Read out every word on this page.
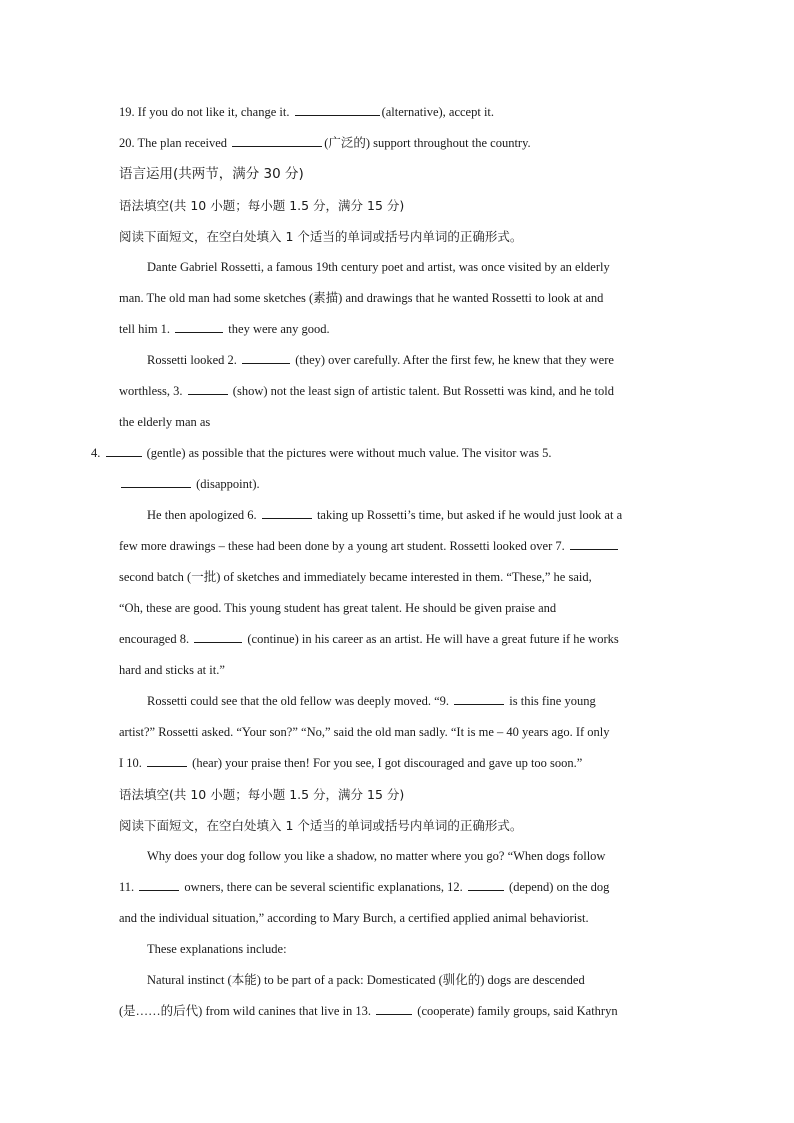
19. If you do not like it, change it.	(alternative), accept it.
20. The plan received	(广泛的) support throughout the country.
语言运用(共两节，满分 30 分)
语法填空(共 10 小题；每小题 1.5 分，满分 15 分)
阅读下面短文，在空白处填入 1 个适当的单词或括号内单词的正确形式。
Dante Gabriel Rossetti, a famous 19th century poet and artist, was once visited by an elderly
man. The old man had some sketches (素描) and drawings that he wanted Rossetti to look at and
tell him 1.	they were any good.
Rossetti looked 2.	(they) over carefully. After the first few, he knew that they were
worthless, 3.	(show) not the least sign of artistic talent. But Rossetti was kind, and he told
the elderly man as
4.	(gentle) as possible that the pictures were without much value. The visitor was 5.
(disappoint).
He then apologized 6.	taking up Rossetti’s time, but asked if he would just look at a
few more drawings – these had been done by a young art student. Rossetti looked over 7.
second batch (一批) of sketches and immediately became interested in them. “These,” he said,
“Oh, these are good. This young student has great talent. He should be given praise and
encouraged 8.	(continue) in his career as an artist. He will have a great future if he works
hard and sticks at it.”
Rossetti could see that the old fellow was deeply moved. “9.	is this fine young
artist?” Rossetti asked. “Your son?” “No,” said the old man sadly. “It is me – 40 years ago. If only
I 10.	(hear) your praise then! For you see, I got discouraged and gave up too soon.”
语法填空(共 10 小题；每小题 1.5 分，满分 15 分)
阅读下面短文，在空白处填入 1 个适当的单词或括号内单词的正确形式。
Why does your dog follow you like a shadow, no matter where you go? “When dogs follow
11.	owners, there can be several scientific explanations, 12.	(depend) on the dog
and the individual situation,” according to Mary Burch, a certified applied animal behaviorist.
These explanations include:
Natural instinct (本能) to be part of a pack: Domesticated (驯化的) dogs are descended
(是……的后代) from wild canines that live in 13.	(cooperate) family groups, said Kathryn
